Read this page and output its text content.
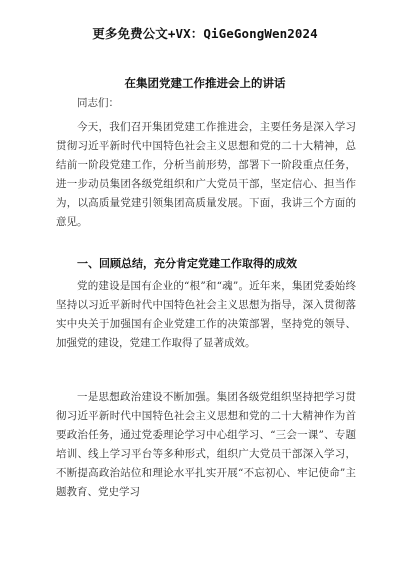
更多免费公文+VX：QiGeGongWen2024
在集团党建工作推进会上的讲话
同志们：

今天，我们召开集团党建工作推进会，主要任务是深入学习贯彻习近平新时代中国特色社会主义思想和党的二十大精神，总结前一阶段党建工作，分析当前形势，部署下一阶段重点任务，进一步动员集团各级党组织和广大党员干部，坚定信心、担当作为，以高质量党建引领集团高质量发展。下面，我讲三个方面的意见。

一、回顾总结，充分肯定党建工作取得的成效

党的建设是国有企业的“根”和“魂”。近年来，集团党委始终坚持以习近平新时代中国特色社会主义思想为指导，深入贯彻落实中央关于加强国有企业党建工作的决策部署，坚持党的领导、加强党的建设，党建工作取得了显著成效。

一是思想政治建设不断加强。集团各级党组织坚持把学习贯彻习近平新时代中国特色社会主义思想和党的二十大精神作为首要政治任务，通过党委理论学习中心组学习、“三会一课”、专题培训、线上学习平台等多种形式，组织广大党员干部深入学习，不断提高政治站位和理论水平扎实开展“不忘初心、牢记使命”主题教育、党史学习
